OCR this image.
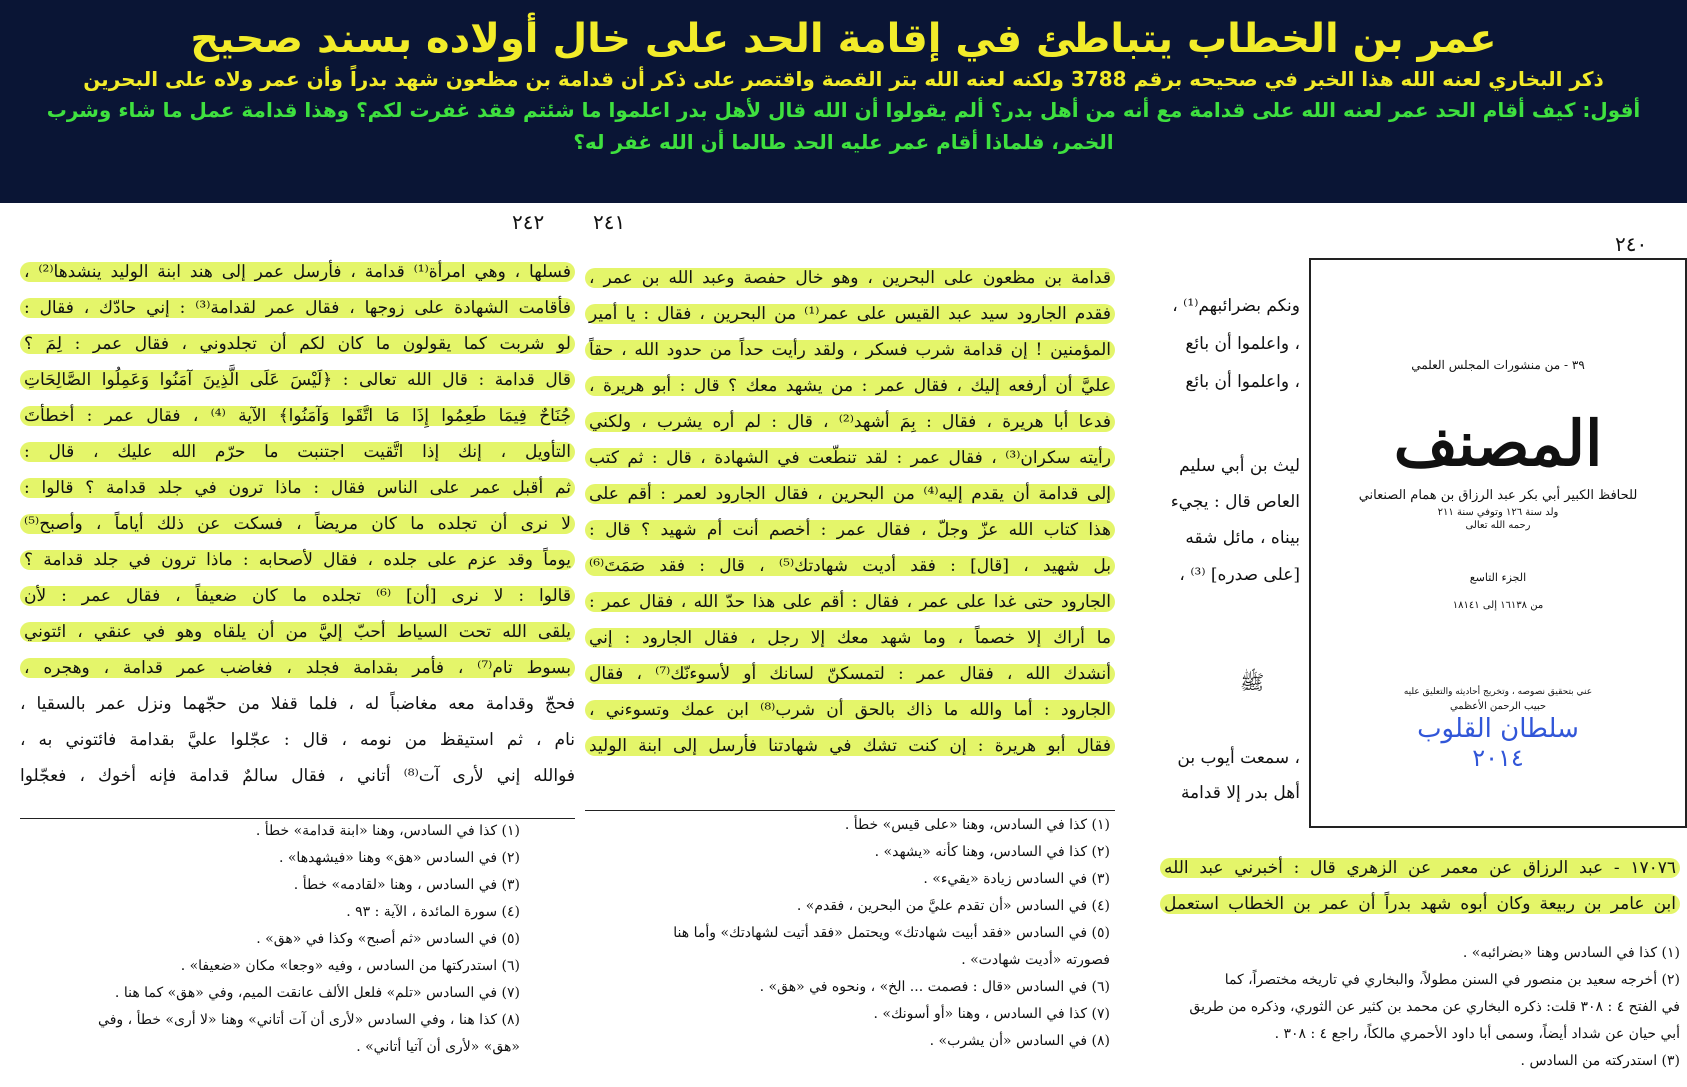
عمر بن الخطاب يتباطئ في إقامة الحد على خال أولاده بسند صحيح
ذكر البخاري لعنه الله هذا الخبر في صحيحه برقم 3788 ولكنه لعنه الله بتر القصة واقتصر على ذكر أن قدامة بن مظعون شهد بدراً وأن عمر ولاه على البحرين
أقول: كيف أقام الحد عمر لعنه الله على قدامة مع أنه من أهل بدر؟ ألم يقولوا أن الله قال لأهل بدر اعلموا ما شئتم فقد غفرت لكم؟ وهذا قدامة عمل ما شاء وشرب الخمر، فلماذا أقام عمر عليه الحد طالما أن الله غفر له؟
٢٤٢
فسلها ، وهي امرأة⁽¹⁾ قدامة ، فأرسل عمر إلى هند ابنة الوليد ينشدها⁽²⁾ ،
فأقامت الشهادة على زوجها ، فقال عمر لقدامة⁽³⁾ : إني حادّك ، فقال :
لو شربت كما يقولون ما كان لكم أن تجلدوني ، فقال عمر : لِمَ ؟
قال قدامة : قال الله تعالى : ﴿لَيْسَ عَلَى الَّذِينَ آمَنُوا وَعَمِلُوا الصَّالِحَاتِ
جُنَاحٌ فِيمَا طَعِمُوا إِذَا مَا اتَّقَوا وَآمَنُوا﴾ الآية ⁽⁴⁾ ، فقال عمر : أخطأتَ
التأويل ، إنك إذا اتَّقيت اجتنبت ما حرّم الله عليك ، قال :
ثم أقبل عمر على الناس فقال : ماذا ترون في جلد قدامة ؟ قالوا :
لا نرى أن تجلده ما كان مريضاً ، فسكت عن ذلك أياماً ، وأصبح⁽⁵⁾
يوماً وقد عزم على جلده ، فقال لأصحابه : ماذا ترون في جلد قدامة ؟
قالوا : لا نرى [أن] ⁽⁶⁾ تجلده ما كان ضعيفاً ، فقال عمر : لأن
يلقى الله تحت السياط أحبّ إليَّ من أن يلقاه وهو في عنقي ، ائتوني
بسوط تام⁽⁷⁾ ، فأمر بقدامة فجلد ، فغاضب عمر قدامة ، وهجره ،
فحجّ وقدامة معه مغاضباً له ، فلما قفلا من حجّهما ونزل عمر بالسقيا ،
نام ، ثم استيقظ من نومه ، قال : عجّلوا عليَّ بقدامة فائتوني به ،
فوالله إني لأرى آت⁽⁸⁾ أتاني ، فقال سالمٌ قدامة فإنه أخوك ، فعجّلوا
(١) كذا في السادس، وهنا «ابنة قدامة» خطأ .
(٢) في السادس «هق» وهنا «فيشهدها» .
(٣) في السادس ، وهنا «لقادمه» خطأ .
(٤) سورة المائدة ، الآية : ٩٣ .
(٥) في السادس «ثم أصبح» وكذا في «هق» .
(٦) استدركتها من السادس ، وفيه «وجعا» مكان «ضعيفا» .
(٧) في السادس «تلم» فلعل الألف عانقت الميم، وفي «هق» كما هنا .
(٨) كذا هنا ، وفي السادس «لأرى أن آت أتاني» وهنا «لا أرى» خطأ ، وفي
«هق» «لأرى أن آتيا أتاني» .
٢٤١
قدامة بن مظعون على البحرين ، وهو خال حفصة وعبد الله بن عمر ،
فقدم الجارود سيد عبد القيس على عمر⁽¹⁾ من البحرين ، فقال : يا أمير
المؤمنين ! إن قدامة شرب فسكر ، ولقد رأيت حداً من حدود الله ، حقاً
عليَّ أن أرفعه إليك ، فقال عمر : من يشهد معك ؟ قال : أبو هريرة ،
فدعا أبا هريرة ، فقال : بِمَ أشهد⁽²⁾ ، قال : لم أره يشرب ، ولكني
رأيته سكران⁽³⁾ ، فقال عمر : لقد تنطّعت في الشهادة ، قال : ثم كتب
إلى قدامة أن يقدم إليه⁽⁴⁾ من البحرين ، فقال الجارود لعمر : أقم على
هذا كتاب الله عزّ وجلّ ، فقال عمر : أخصم أنت أم شهيد ؟ قال :
بل شهيد ، [قال] : فقد أديت شهادتك⁽⁵⁾ ، قال : فقد صَمَتَ⁽⁶⁾
الجارود حتى غدا على عمر ، فقال : أقم على هذا حدّ الله ، فقال عمر :
ما أراك إلا خصماً ، وما شهد معك إلا رجل ، فقال الجارود : إني
أنشدك الله ، فقال عمر : لتمسكنّ لسانك أو لأسوءنّك⁽⁷⁾ ، فقال
الجارود : أما والله ما ذاك بالحق أن شرب⁽⁸⁾ ابن عمك وتسوءني ،
فقال أبو هريرة : إن كنت تشك في شهادتنا فأرسل إلى ابنة الوليد
(١) كذا في السادس، وهنا «على قيس» خطأ .
(٢) كذا في السادس، وهنا كأنه «يشهد» .
(٣) في السادس زيادة «يقيء» .
(٤) في السادس «أن تقدم عليَّ من البحرين ، فقدم» .
(٥) في السادس «فقد أبيت شهادتك» ويحتمل «فقد أتيت لشهادتك» وأما هنا
فصورته «أديت شهادت» .
(٦) في السادس «قال : فصمت ... الخ» ، ونحوه في «هق» .
(٧) كذا في السادس ، وهنا «أو أسونك» .
(٨) في السادس «أن يشرب» .
٢٤٠
ونكم بضرائبهم⁽¹⁾ ،
، واعلموا أن بائع
، واعلموا أن بائع
ليث بن أبي سليم
العاص قال : يجيء
بيناه ، مائل شقه
[على صدره] ⁽³⁾ ،
، سمعت أيوب بن
أهل بدر إلا قدامة
ﷺ
٣٩ - من منشورات المجلس العلمي
المصنف
للحافظ الكبير أبي بكر عبد الرزاق بن همام الصنعاني
ولد سنة ١٢٦ وتوفي سنة ٢١١
رحمه الله تعالى
الجزء التاسع
من ١٦١٣٨ إلى ١٨١٤١
عني بتحقيق نصوصه ، وتخريج أحاديثه والتعليق عليه
حبيب الرحمن الأعظمي
سلطان القلوب
٢٠١٤
١٧٠٧٦ - عبد الرزاق عن معمر عن الزهري قال : أخبرني عبد الله
ابن عامر بن ربيعة وكان أبوه شهد بدراً أن عمر بن الخطاب استعمل
(١) كذا في السادس وهنا «بضرائبه» .
(٢) أخرجه سعيد بن منصور في السنن مطولاً، والبخاري في تاريخه مختصراً، كما
في الفتح ٤ : ٣٠٨ قلت: ذكره البخاري عن محمد بن كثير عن الثوري، وذكره من طريق
أبي حيان عن شداد أيضاً، وسمى أبا داود الأحمري مالكاً، راجع ٤ : ٣٠٨ .
(٣) استدركته من السادس .
